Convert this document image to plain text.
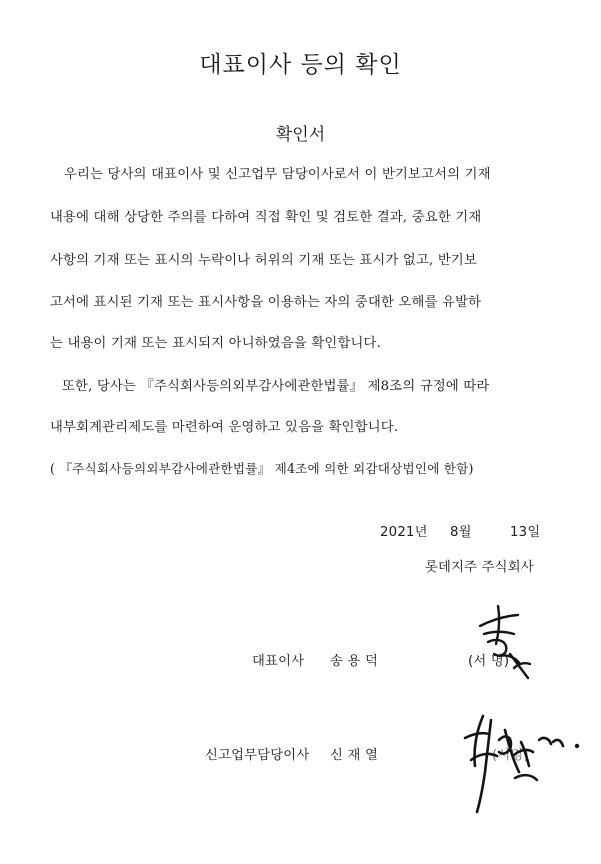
대표이사 등의 확인
확인서
우리는 당사의 대표이사 및 신고업무 담당이사로서 이 반기보고서의 기재
내용에 대해 상당한 주의를 다하여 직접 확인 및 검토한 결과, 중요한 기재
사항의 기재 또는 표시의 누락이나 허위의 기재 또는 표시가 없고, 반기보
고서에 표시된 기재 또는 표시사항을 이용하는 자의 중대한 오해를 유발하
는 내용이 기재 또는 표시되지 아니하였음을 확인합니다.
또한, 당사는 『주식회사등의외부감사에관한법률』 제8조의 규정에 따라
내부회계관리제도를 마련하여 운영하고 있음을 확인합니다.
( 『주식회사등의외부감사에관한법률』 제4조에 의한 외감대상법인에 한함)
2021년 8월	13일
롯데지주 주식회사
대표이사 송 용 덕	(서 명)
신고업무담당이사 신 재 열	(서명)
